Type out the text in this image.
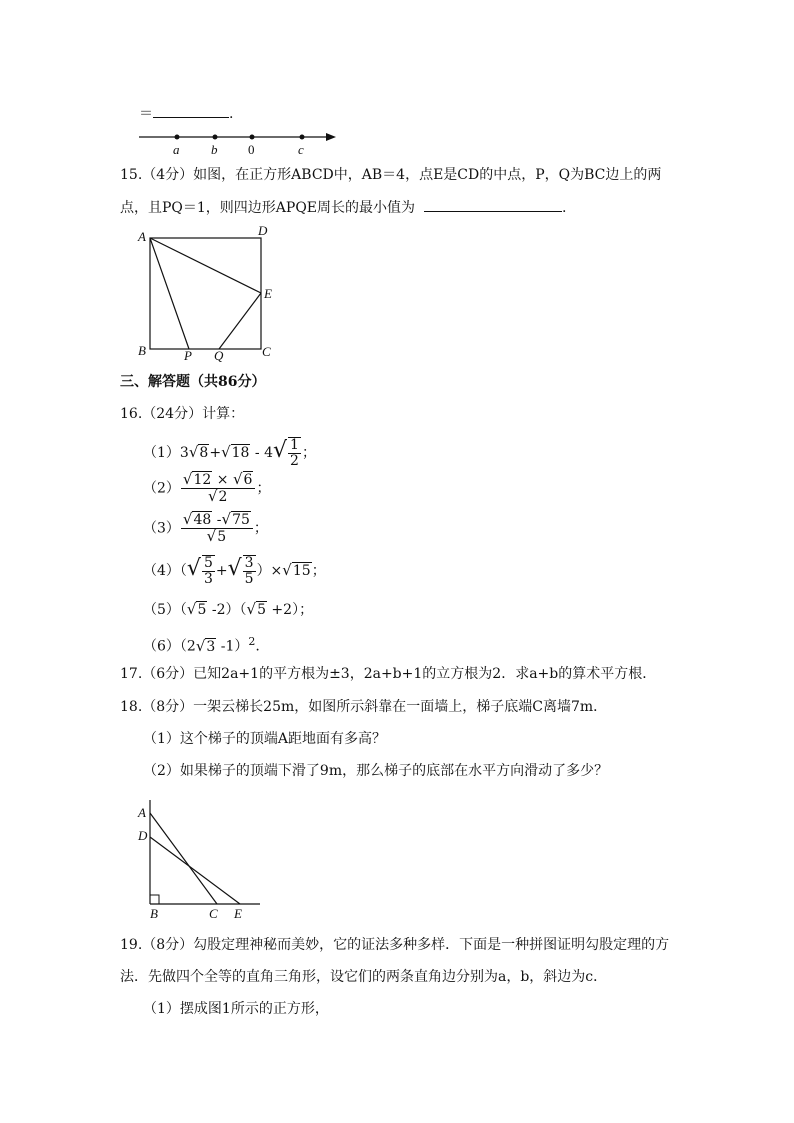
＝	.
a b 0	c
15.（4分）如图，在正方形ABCD中，AB＝4，点E是CD的中点，P，Q为BC边上的两
点，且PQ＝1，则四边形APQE周长的最小值为	.
A	D
E
B	P Q	C
三、解答题（共86分）
16.（24分）计算：
$(1)3√8+√18 - 4√ \frac{1}{2}$ ；
$(2) \frac{√12 \times √6}{√2}$ ；
$(3) \frac{√48 -√75}{√5}$ ；
$(4)(√ \frac{5}{3}$ +√ $\frac{3}{5} )\times√15$；
（5）（√5 -2）（√5 +2）；
（6）（2√3 -1）$^2$.
17.（6分）已知2a+1的平方根为±3，2a+b+1的立方根为2．求a+b的算术平方根．
18.（8分）一架云梯长25m，如图所示斜靠在一面墙上，梯子底端C离墙7m．
（1）这个梯子的顶端A距地面有多高？
（2）如果梯子的顶端下滑了9m，那么梯子的底部在水平方向滑动了多少？
A
D
B	C E
19.（8分）勾股定理神秘而美妙，它的证法多种多样．下面是一种拼图证明勾股定理的方
法．先做四个全等的直角三角形，设它们的两条直角边分别为a，b，斜边为c．
（1）摆成图1所示的正方形，
